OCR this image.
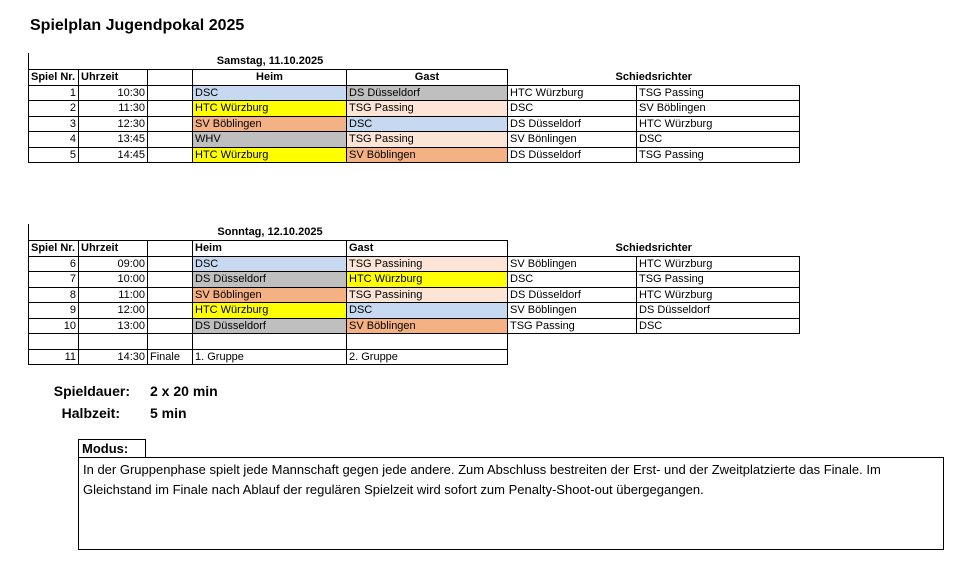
Spielplan Jugendpokal 2025
Samstag, 11.10.2025
Spiel Nr.	Uhrzeit		Heim	Gast	Schiedsrichter	
1	10:30		DSC	DS Düsseldorf	HTC Würzburg	TSG Passing
2	11:30		HTC Würzburg	TSG Passing	DSC	SV Böblingen
3	12:30		SV Böblingen	DSC	DS Düsseldorf	HTC Würzburg
4	13:45		WHV	TSG Passing	SV Bönlingen	DSC
5	14:45		HTC Würzburg	SV Böblingen	DS Düsseldorf	TSG Passing
Sonntag, 12.10.2025
Spiel Nr.	Uhrzeit		Heim	Gast	Schiedsrichter	
6	09:00		DSC	TSG Passining	SV Böblingen	HTC Würzburg
7	10:00		DS Düsseldorf	HTC Würzburg	DSC	TSG Passing
8	11:00		SV Böblingen	TSG Passining	DS Düsseldorf	HTC Würzburg
9	12:00		HTC Würzburg	DSC	SV Böblingen	DS Düsseldorf
10	13:00		DS Düsseldorf	SV Böblingen	TSG Passing	DSC

11	14:30	Finale	1. Gruppe	2. Gruppe		
Spieldauer: 2 x 20 min
Halbzeit: 5 min
Modus:
In der Gruppenphase spielt jede Mannschaft gegen jede andere. Zum Abschluss bestreiten der Erst- und der Zweitplatzierte das Finale. Im Gleichstand im Finale nach Ablauf der regulären Spielzeit wird sofort zum Penalty-Shoot-out übergegangen.
